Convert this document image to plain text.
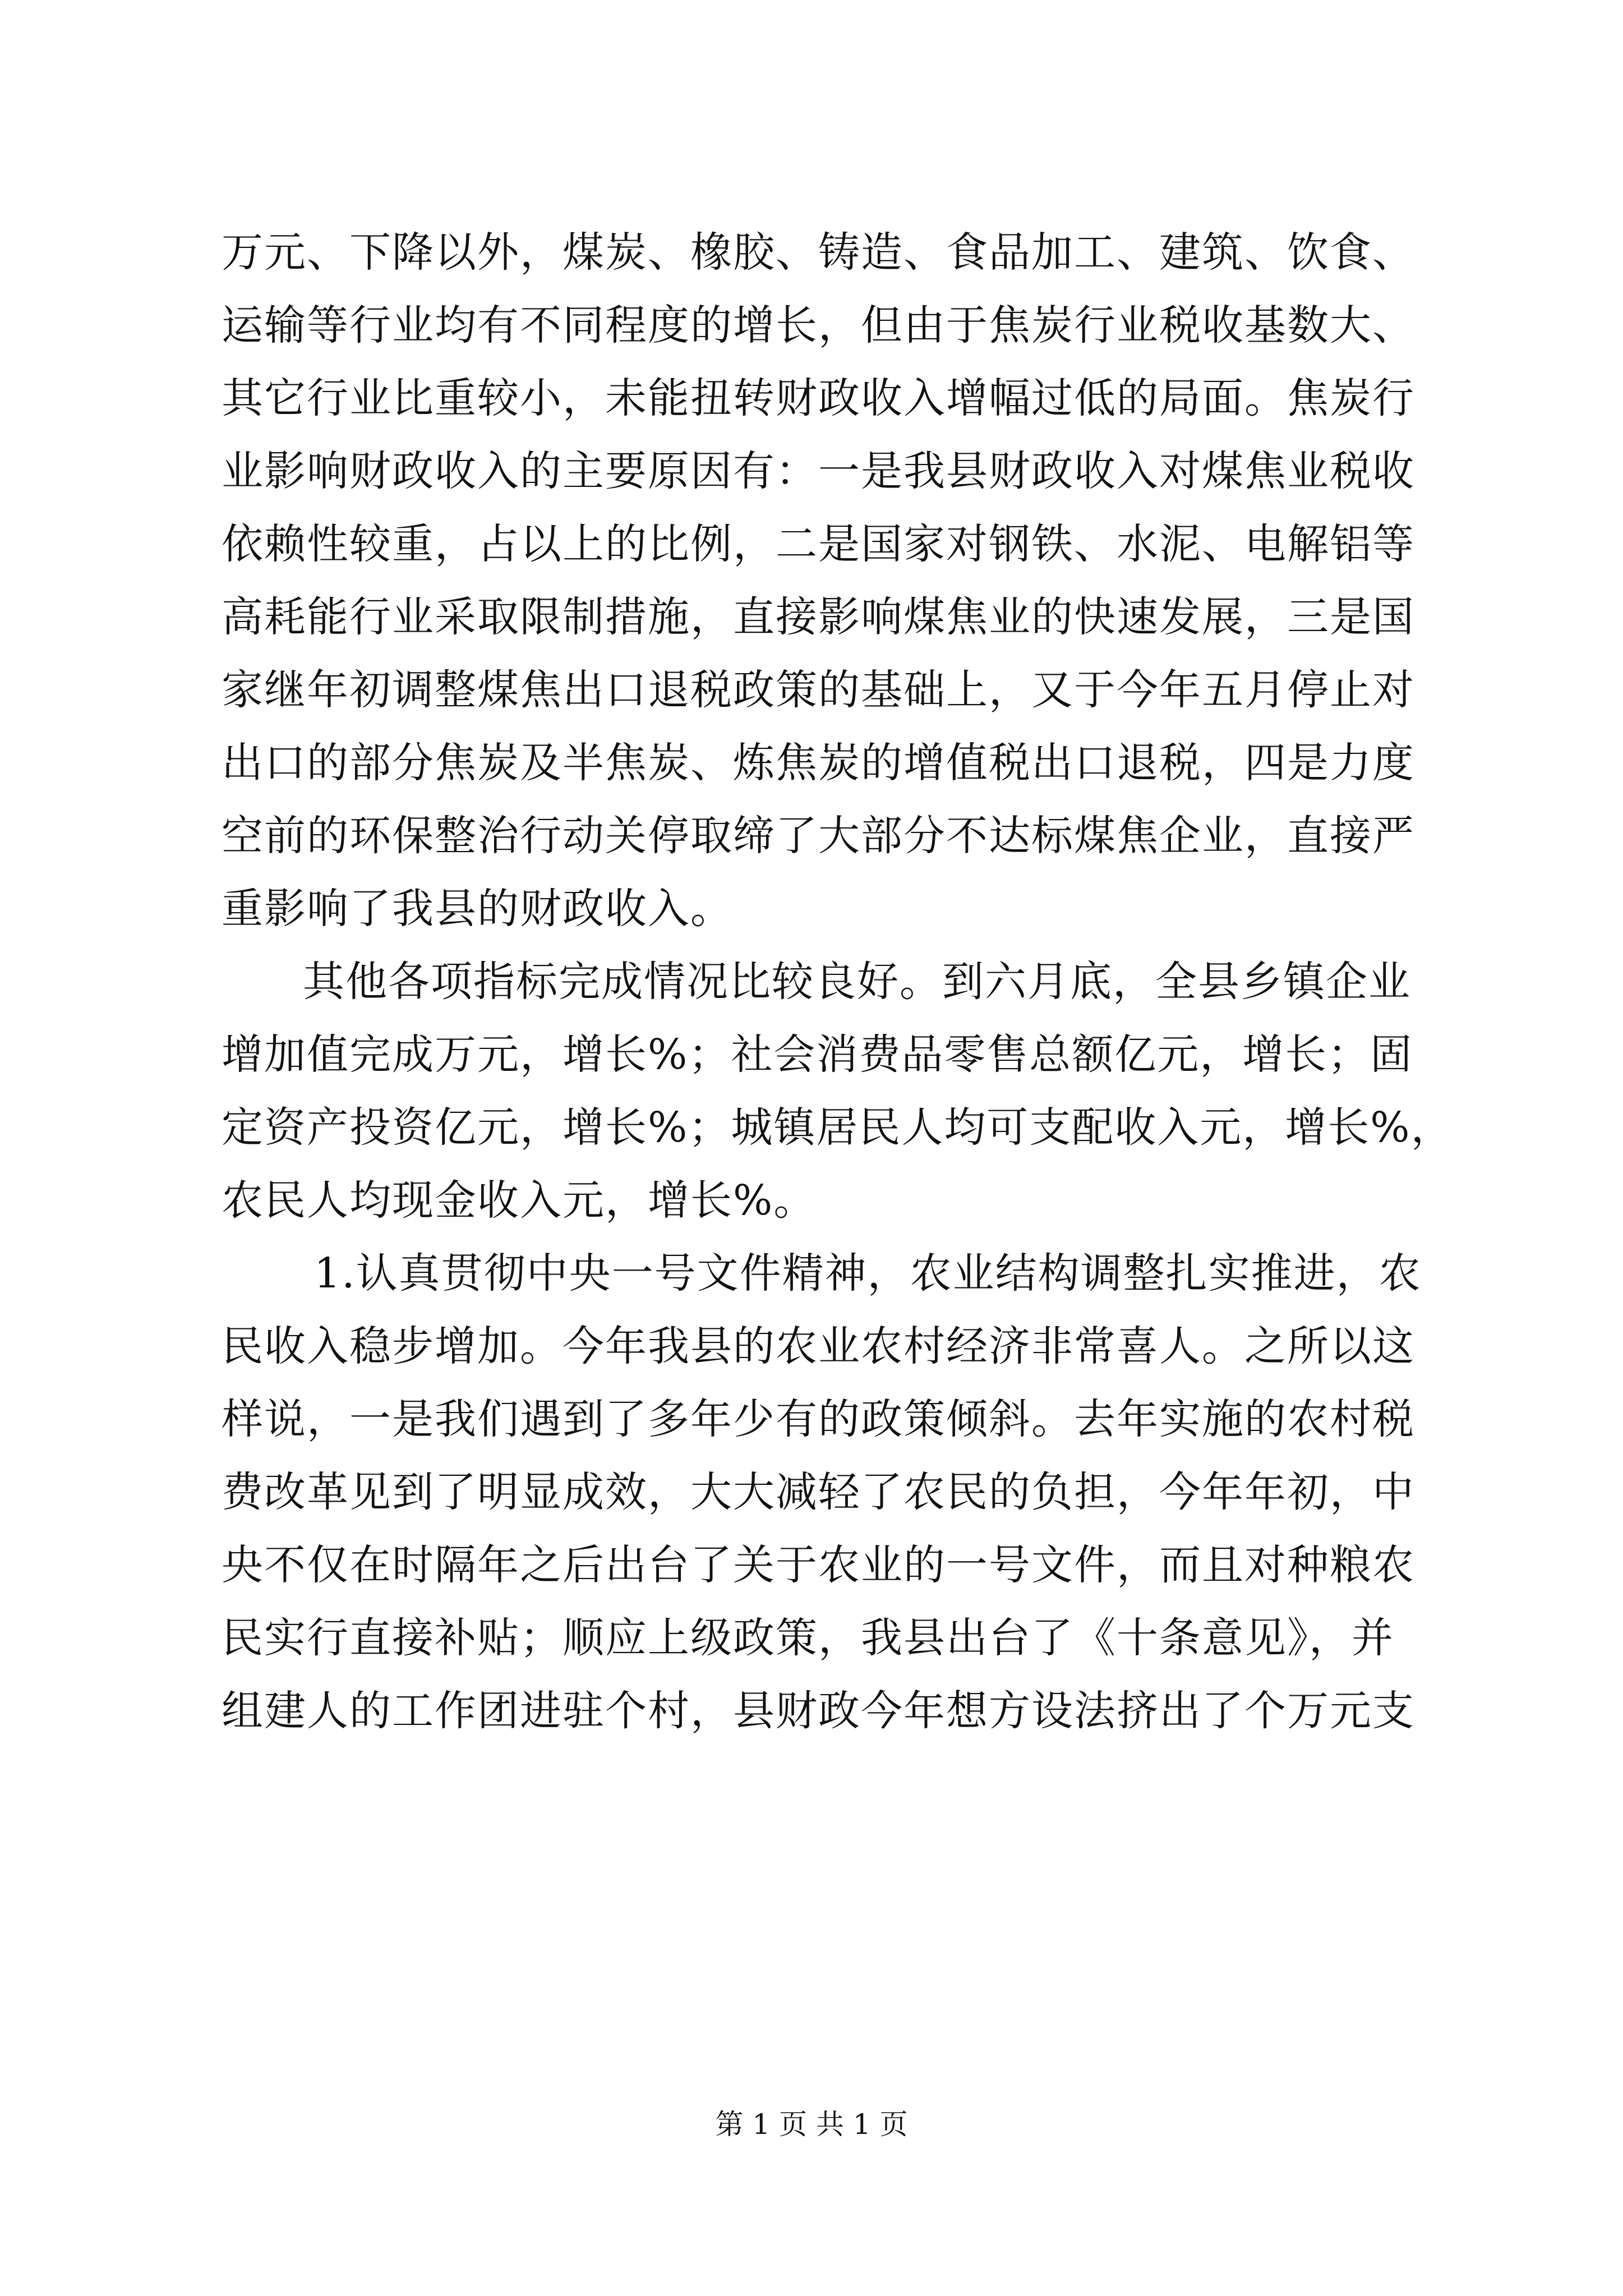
万元、下降以外，煤炭、橡胶、铸造、食品加工、建筑、饮食、
运输等行业均有不同程度的增长，但由于焦炭行业税收基数大、
其它行业比重较小，未能扭转财政收入增幅过低的局面。焦炭行
业影响财政收入的主要原因有：一是我县财政收入对煤焦业税收
依赖性较重，占以上的比例，二是国家对钢铁、水泥、电解铝等
高耗能行业采取限制措施，直接影响煤焦业的快速发展，三是国
家继年初调整煤焦出口退税政策的基础上，又于今年五月停止对
出口的部分焦炭及半焦炭、炼焦炭的增值税出口退税，四是力度
空前的环保整治行动关停取缔了大部分不达标煤焦企业，直接严
重影响了我县的财政收入。
其他各项指标完成情况比较良好。到六月底，全县乡镇企业
增加值完成万元，增长%；社会消费品零售总额亿元，增长；固
定资产投资亿元，增长%；城镇居民人均可支配收入元，增长%，
农民人均现金收入元，增长%。
1.认真贯彻中央一号文件精神，农业结构调整扎实推进，农
民收入稳步增加。今年我县的农业农村经济非常喜人。之所以这
样说，一是我们遇到了多年少有的政策倾斜。去年实施的农村税
费改革见到了明显成效，大大减轻了农民的负担，今年年初，中
央不仅在时隔年之后出台了关于农业的一号文件，而且对种粮农
民实行直接补贴；顺应上级政策，我县出台了《十条意见》，并
组建人的工作团进驻个村，县财政今年想方设法挤出了个万元支
第 1 页 共 1 页
